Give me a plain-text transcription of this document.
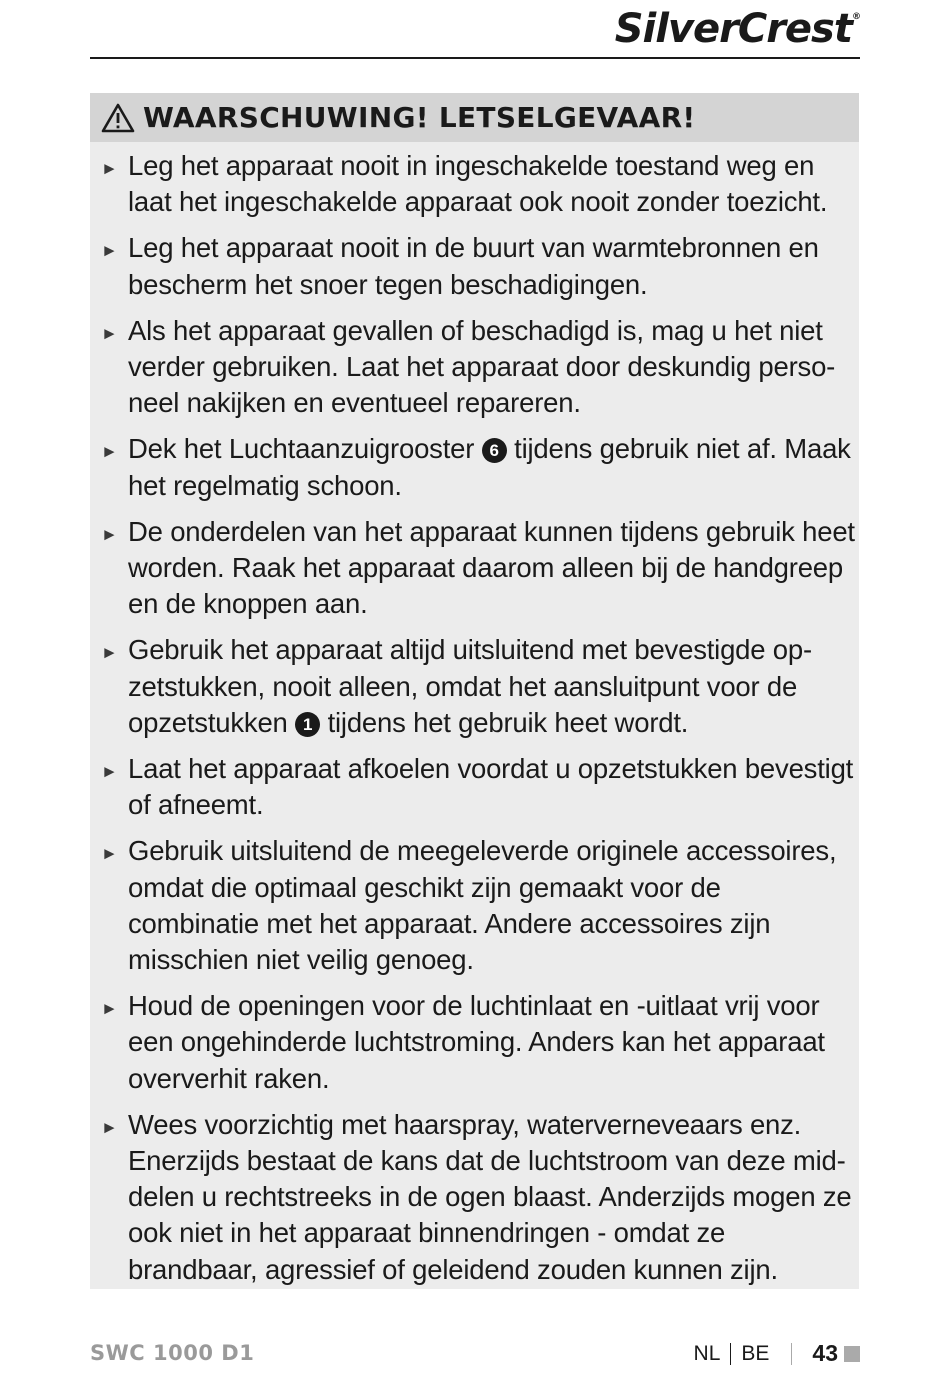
SilverCrest®
WAARSCHUWING! LETSELGEVAAR!
► Leg het apparaat nooit in ingeschakelde toestand weg en laat het ingeschakelde apparaat ook nooit zonder toezicht.
► Leg het apparaat nooit in de buurt van warmtebronnen en bescherm het snoer tegen beschadigingen.
► Als het apparaat gevallen of beschadigd is, mag u het niet verder gebruiken. Laat het apparaat door deskundig perso-neel nakijken en eventueel repareren.
► Dek het Luchtaanzuigrooster 6 tijdens gebruik niet af. Maak het regelmatig schoon.
► De onderdelen van het apparaat kunnen tijdens gebruik heet worden. Raak het apparaat daarom alleen bij de handgreep en de knoppen aan.
► Gebruik het apparaat altijd uitsluitend met bevestigde op-zetstukken, nooit alleen, omdat het aansluitpunt voor de opzetstukken 1 tijdens het gebruik heet wordt.
► Laat het apparaat afkoelen voordat u opzetstukken bevestigt of afneemt.
► Gebruik uitsluitend de meegeleverde originele accessoires, omdat die optimaal geschikt zijn gemaakt voor de combinatie met het apparaat. Andere accessoires zijn misschien niet veilig genoeg.
► Houd de openingen voor de luchtinlaat en -uitlaat vrij voor een ongehinderde luchtstroming. Anders kan het apparaat oververhit raken.
► Wees voorzichtig met haarspray, waterverneveaars enz. Enerzijds bestaat de kans dat de luchtstroom van deze mid-delen u rechtstreeks in de ogen blaast. Anderzijds mogen ze ook niet in het apparaat binnendringen - omdat ze brandbaar, agressief of geleidend zouden kunnen zijn.
SWC 1000 D1	NL BE 43
